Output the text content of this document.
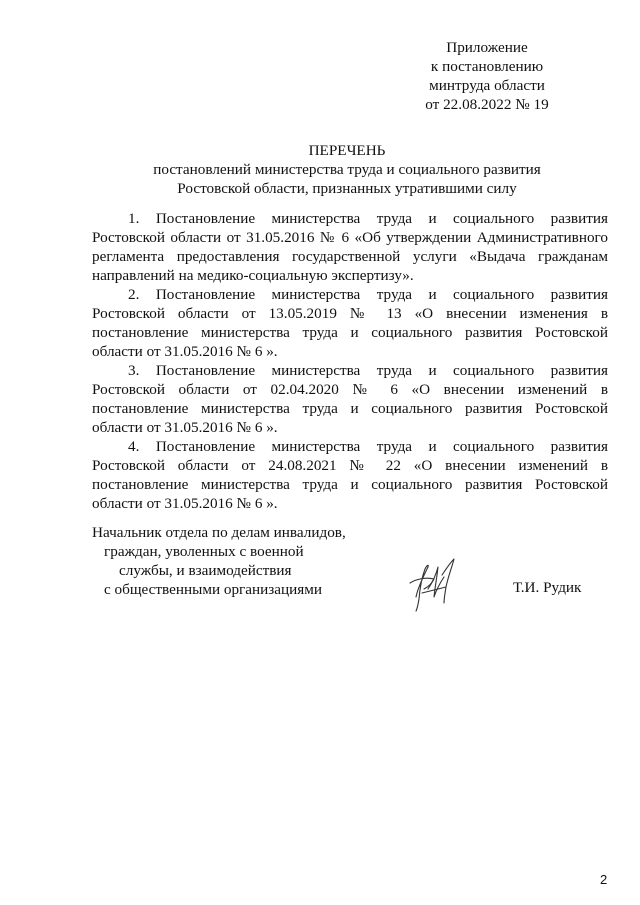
Приложение
к постановлению
минтруда области
от 22.08.2022 № 19
ПЕРЕЧЕНЬ
постановлений министерства труда и социального развития
Ростовской области, признанных утратившими силу

1. Постановление министерства труда и социального развития Ростовской области от 31.05.2016 № 6 «Об утверждении Административного регламента предоставления государственной услуги «Выдача гражданам направлений на медико-социальную экспертизу».

2. Постановление министерства труда и социального развития Ростовской области от 13.05.2019 № 13 «О внесении изменения в постановление министерства труда и социального развития Ростовской области от 31.05.2016 № 6 ».

3. Постановление министерства труда и социального развития Ростовской области от 02.04.2020 № 6 «О внесении изменений в постановление министерства труда и социального развития Ростовской области от 31.05.2016 № 6 ».

4. Постановление министерства труда и социального развития Ростовской области от 24.08.2021 № 22 «О внесении изменений в постановление министерства труда и социального развития Ростовской области от 31.05.2016 № 6 ».

Начальник отдела по делам инвалидов,
граждан, уволенных с военной
службы, и взаимодействия
с общественными организациями	Т.И. Рудик
2
